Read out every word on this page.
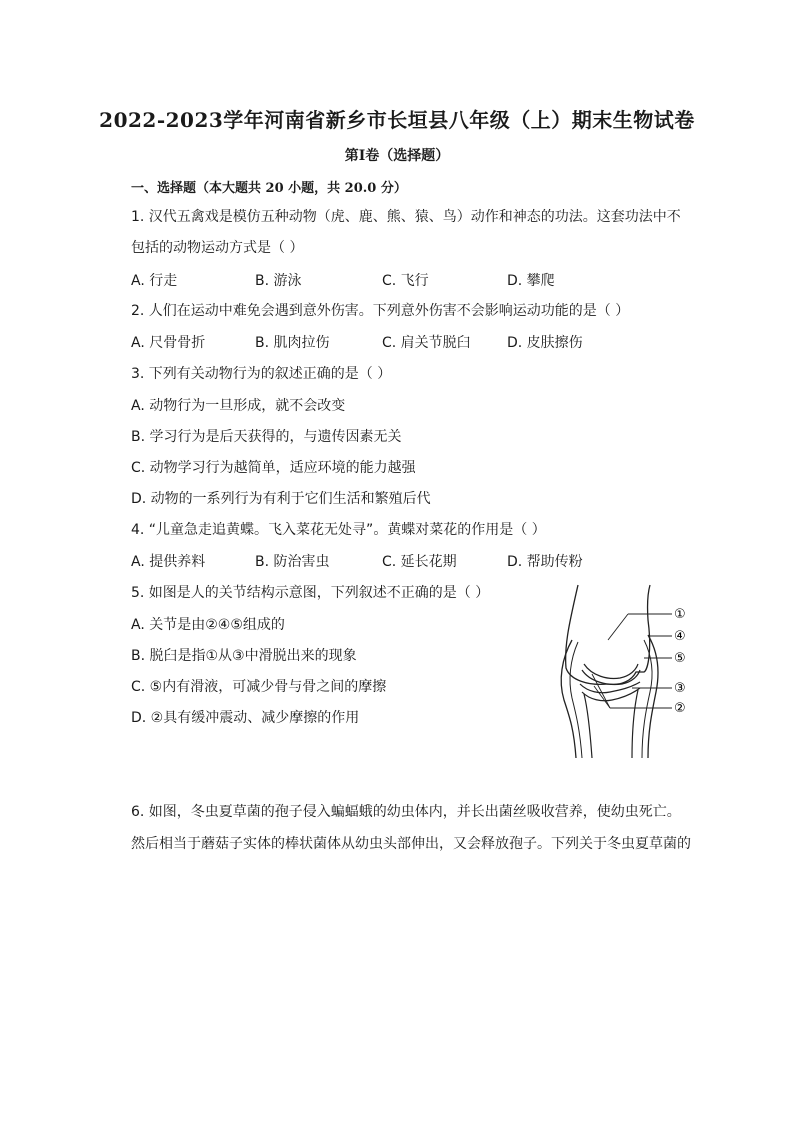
2022-2023学年河南省新乡市长垣县八年级（上）期末生物试卷
第I卷（选择题）
一、选择题（本大题共 20 小题，共 20.0 分）
1. 汉代五禽戏是模仿五种动物（虎、鹿、熊、猿、鸟）动作和神态的功法。这套功法中不
包括的动物运动方式是（ ）
A. 行走	B. 游泳	C. 飞行	D. 攀爬
2. 人们在运动中难免会遇到意外伤害。下列意外伤害不会影响运动功能的是（ ）
A. 尺骨骨折	B. 肌肉拉伤	C. 肩关节脱臼	D. 皮肤擦伤
3. 下列有关动物行为的叙述正确的是（ ）
A. 动物行为一旦形成，就不会改变
B. 学习行为是后天获得的，与遗传因素无关
C. 动物学习行为越简单，适应环境的能力越强
D. 动物的一系列行为有利于它们生活和繁殖后代
4. “儿童急走追黄蝶。飞入菜花无处寻”。黄蝶对菜花的作用是（ ）
A. 提供养料	B. 防治害虫	C. 延长花期	D. 帮助传粉
5. 如图是人的关节结构示意图，下列叙述不正确的是（ ）
A. 关节是由②④⑤组成的
B. 脱臼是指①从③中滑脱出来的现象
C. ⑤内有滑液，可减少骨与骨之间的摩擦
D. ②具有缓冲震动、减少摩擦的作用
①
④
⑤
③
②
6. 如图，冬虫夏草菌的孢子侵入蝙蝠蛾的幼虫体内，并长出菌丝吸收营养，使幼虫死亡。
然后相当于蘑菇子实体的棒状菌体从幼虫头部伸出，又会释放孢子。下列关于冬虫夏草菌的
